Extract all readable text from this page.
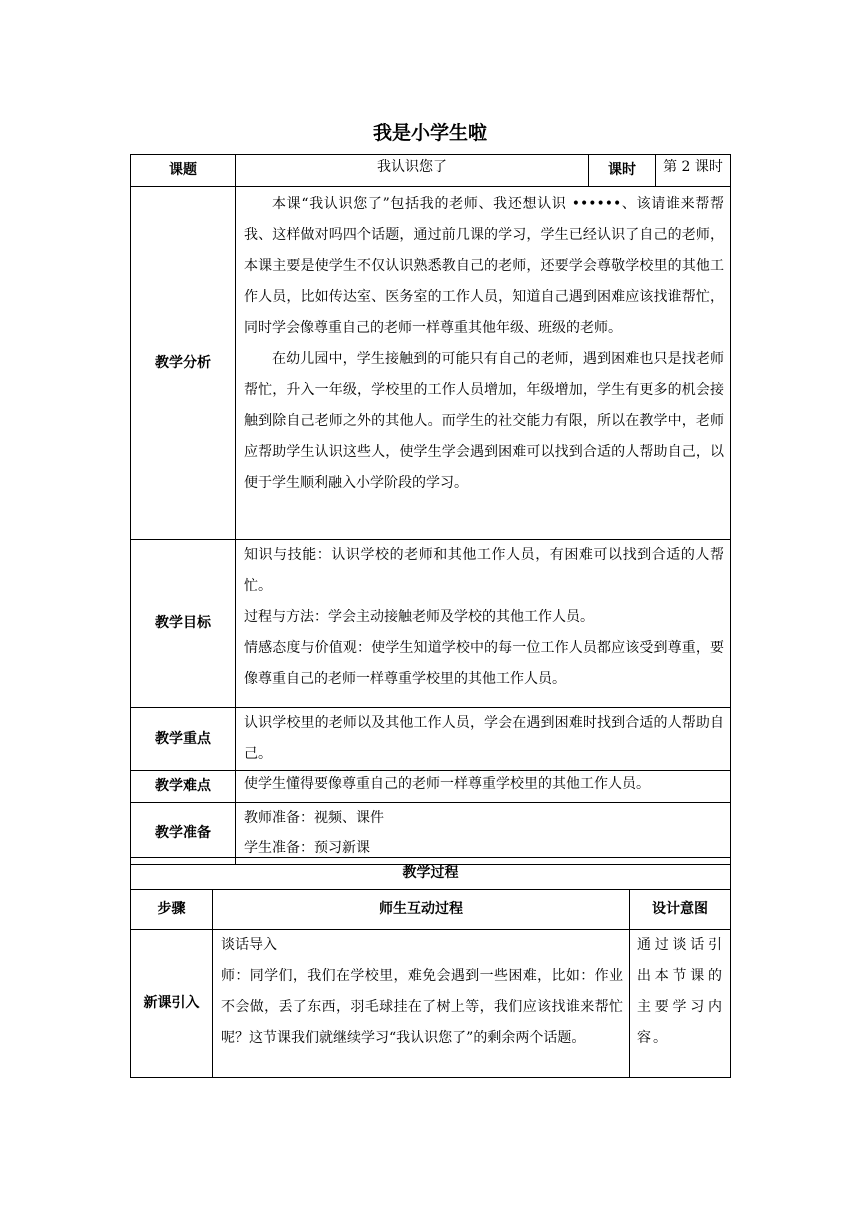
我是小学生啦
课题	我认识您了	课时	第 2 课时
教学分析	本课“我认识您了”包括我的老师、我还想认识 ••••••、该请谁来帮帮我、这样做对吗四个话题，通过前几课的学习，学生已经认识了自己的老师，本课主要是使学生不仅认识熟悉教自己的老师，还要学会尊敬学校里的其他工作人员，比如传达室、医务室的工作人员，知道自己遇到困难应该找谁帮忙，同时学会像尊重自己的老师一样尊重其他年级、班级的老师。

在幼儿园中，学生接触到的可能只有自己的老师，遇到困难也只是找老师帮忙，升入一年级，学校里的工作人员增加，年级增加，学生有更多的机会接触到除自己老师之外的其他人。而学生的社交能力有限，所以在教学中，老师应帮助学生认识这些人，使学生学会遇到困难可以找到合适的人帮助自己，以便于学生顺利融入小学阶段的学习。		

教学目标	知识与技能：认识学校的老师和其他工作人员，有困难可以找到合适的人帮忙。

过程与方法：学会主动接触老师及学校的其他工作人员。

情感态度与价值观：使学生知道学校中的每一位工作人员都应该受到尊重，要像尊重自己的老师一样尊重学校里的其他工作人员。		

教学重点	认识学校里的老师以及其他工作人员，学会在遇到困难时找到合适的人帮助自己。		
教学难点	使学生懂得要像尊重自己的老师一样尊重学校里的其他工作人员。		
教学准备	教师准备：视频、课件

学生准备：预习新课		

教学过程		
步骤	师生互动过程	设计意图
新课引入	谈话导入

师：同学们，我们在学校里，难免会遇到一些困难，比如：作业不会做，丢了东西，羽毛球挂在了树上等，我们应该找谁来帮忙呢？这节课我们就继续学习“我认识您了”的剩余两个话题。	通过谈话引出本节课的主要学习内容。
